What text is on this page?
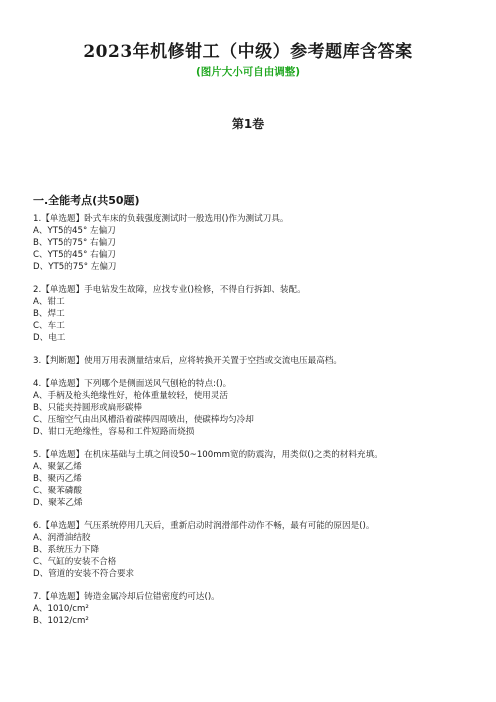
2023年机修钳工（中级）参考题库含答案
(图片大小可自由调整)
第1卷
一.全能考点(共50题)
1.【单选题】卧式车床的负载强度测试时一般选用()作为测试刀具。
A、YT5的45° 左偏刀
B、YT5的75° 右偏刀
C、YT5的45° 右偏刀
D、YT5的75° 左偏刀
2.【单选题】手电钻发生故障，应找专业()检修，不得自行拆卸、装配。
A、钳工
B、焊工
C、车工
D、电工
3.【判断题】使用万用表测量结束后，应将转换开关置于空挡或交流电压最高档。
4.【单选题】下列哪个是侧面送风气刨枪的特点:()。
A、手柄及枪头绝缘性好，枪体重量较轻，使用灵活
B、只能夹持圆形或扁形碳棒
C、压缩空气由出风槽沿着碳棒四周喷出，使碳棒均匀冷却
D、钳口无绝缘性，容易和工件短路而烧损
5.【单选题】在机床基础与土填之间设50~100mm宽的防震沟，用类似()之类的材料充填。
A、聚氯乙烯
B、聚丙乙烯
C、聚苯磷酸
D、聚苯乙烯
6.【单选题】气压系统停用几天后，重新启动时润滑部件动作不畅，最有可能的原因是()。
A、润滑油结胶
B、系统压力下降
C、气缸的安装不合格
D、管道的安装不符合要求
7.【单选题】铸造金属冷却后位错密度约可达()。
A、1010/cm²
B、1012/cm²
